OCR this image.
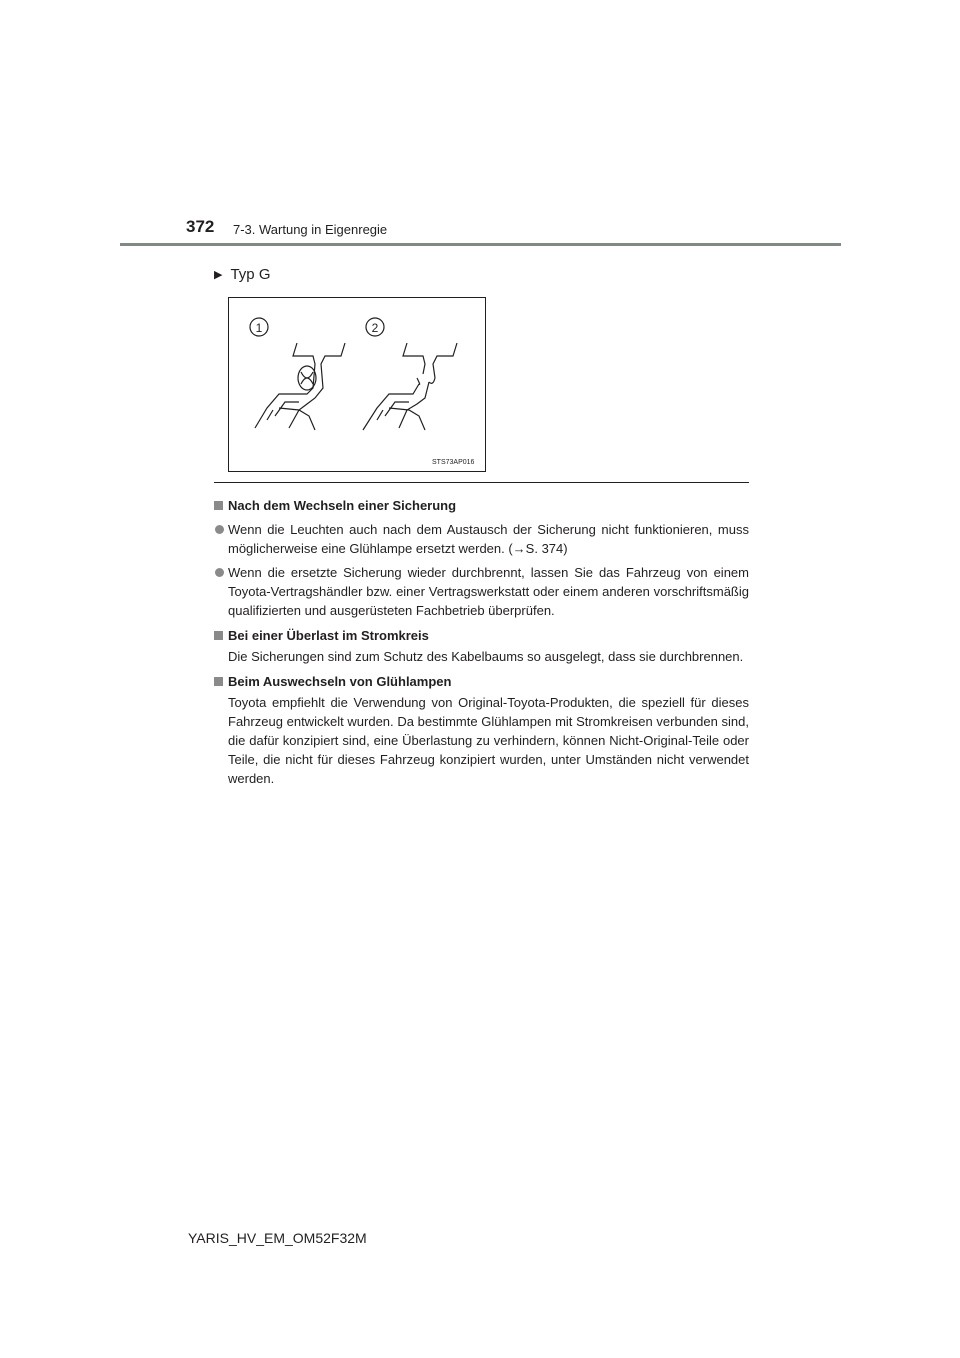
372 7-3. Wartung in Eigenregie
▶ Typ G
1	2
STS73AP016
Nach dem Wechseln einer Sicherung
Wenn die Leuchten auch nach dem Austausch der Sicherung nicht funktionieren, muss möglicherweise eine Glühlampe ersetzt werden. (→S. 374)
Wenn die ersetzte Sicherung wieder durchbrennt, lassen Sie das Fahrzeug von einem Toyota-Vertragshändler bzw. einer Vertragswerkstatt oder einem anderen vorschriftsmäßig qualifizierten und ausgerüsteten Fachbetrieb überprüfen.
Bei einer Überlast im Stromkreis
Die Sicherungen sind zum Schutz des Kabelbaums so ausgelegt, dass sie durchbrennen.
Beim Auswechseln von Glühlampen
Toyota empfiehlt die Verwendung von Original-Toyota-Produkten, die speziell für dieses Fahrzeug entwickelt wurden. Da bestimmte Glühlampen mit Stromkreisen verbunden sind, die dafür konzipiert sind, eine Überlastung zu verhindern, können Nicht-Original-Teile oder Teile, die nicht für dieses Fahrzeug konzipiert wurden, unter Umständen nicht verwendet werden.
YARIS_HV_EM_OM52F32M
